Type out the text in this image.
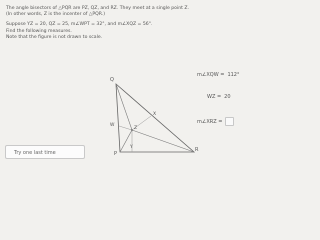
The angle bisectors of △PQR are PZ, QZ, and RZ. They meet at a single point Z.

(In other words, Z is the incenter of △PQR.)

Suppose YZ = 20, QZ = 25, m∠WPT = 32°, and m∠XQZ = 56°.

Find the following measures.

Note that the figure is not drawn to scale.

Q
R
P
Z
W
X
Y
m∠XQW = 112°
WZ = 20
m∠XRZ =
Try one last time
